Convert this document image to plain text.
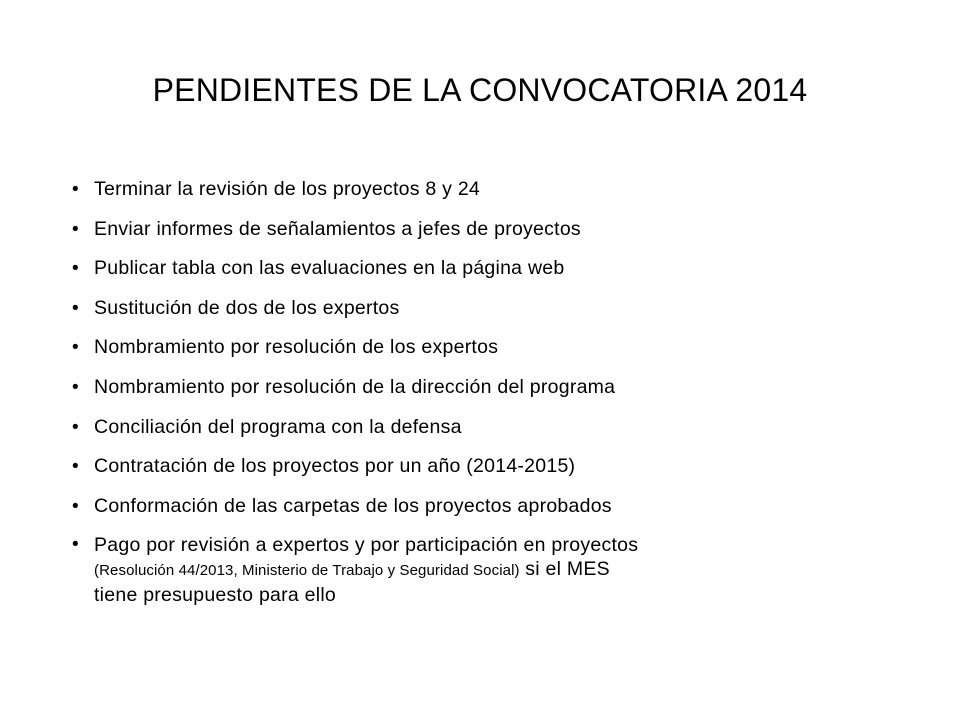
PENDIENTES DE LA CONVOCATORIA 2014
• Terminar la revisión de los proyectos 8 y 24
• Enviar informes de señalamientos a jefes de proyectos
• Publicar tabla con las evaluaciones en la página web
• Sustitución de dos de los expertos
• Nombramiento por resolución de los expertos
• Nombramiento por resolución de la dirección del programa
• Conciliación del programa con la defensa
• Contratación de los proyectos por un año (2014-2015)
• Conformación de las carpetas de los proyectos aprobados
• Pago por revisión a expertos y por participación en proyectos
(Resolución 44/2013, Ministerio de Trabajo y Seguridad Social) si el MES
tiene presupuesto para ello
